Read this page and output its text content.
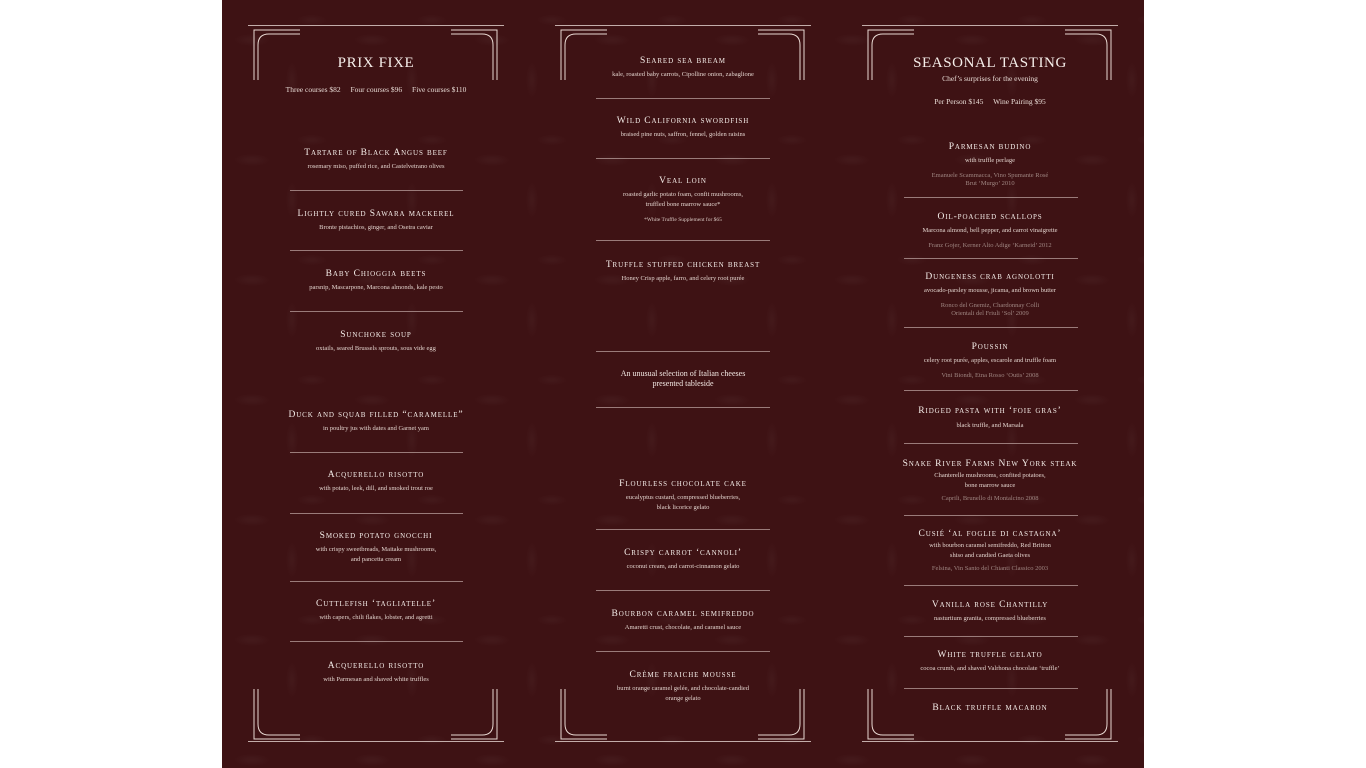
PRIX FIXE
Three courses $82 Four courses $96 Five courses $110
Tartare of Black Angus beef
rosemary miso, puffed rice, and Castelvetrano olives
Lightly cured Sawara mackerel
Bronte pistachios, ginger, and Osetra caviar
Baby Chioggia beets
parsnip, Mascarpone, Marcona almonds, kale pesto
Sunchoke soup
oxtails, seared Brussels sprouts, sous vide egg
Duck and squab filled “caramelle”
in poultry jus with dates and Garnet yam
Acquerello risotto
with potato, leek, dill, and smoked trout roe
Smoked potato gnocchi
with crispy sweetbreads, Maitake mushrooms,
and pancetta cream
Cuttlefish ‘tagliatelle’
with capers, chili flakes, lobster, and agretti
Acquerello risotto
with Parmesan and shaved white truffles
Seared sea bream
kale, roasted baby carrots, Cipolline onion, zabaglione
Wild California swordfish
braised pine nuts, saffron, fennel, golden raisins
Veal loin
roasted garlic potato foam, confit mushrooms,
truffled bone marrow sauce*
*White Truffle Supplement for $65
Truffle stuffed chicken breast
Honey Crisp apple, farro, and celery root purée
An unusual selection of Italian cheeses
presented tableside
Flourless chocolate cake
eucalyptus custard, compressed blueberries,
black licorice gelato
Crispy carrot ‘cannoli’
coconut cream, and carrot-cinnamon gelato
Bourbon caramel semifreddo
Amaretti crust, chocolate, and caramel sauce
Crème fraiche mousse
burnt orange caramel gelée, and chocolate-candied
orange gelato
SEASONAL TASTING
Chef’s surprises for the evening
Per Person $145 Wine Pairing $95
Parmesan budino
with truffle perlage
Emanuele Scammacca, Vino Spumante Rosé
Brut ‘Murgo’ 2010
Oil-poached scallops
Marcona almond, bell pepper, and carrot vinaigrette
Franz Gojer, Kerner Alto Adige ‘Karneid’ 2012
Dungeness crab agnolotti
avocado-parsley mousse, jicama, and brown butter
Ronco del Gnemiz, Chardonnay Colli
Orientali del Friuli ‘Sol’ 2009
Poussin
celery root purée, apples, escarole and truffle foam
Vini Biondi, Etna Rosso ‘Outis’ 2008
Ridged pasta with ‘foie gras’
black truffle, and Marsala
Snake River Farms New York steak
Chanterelle mushrooms, confited potatoes,
bone marrow sauce
Caprili, Brunello di Montalcino 2008
Cusié ‘al foglie di castagna’
with bourbon caramel semifreddo, Red Britton
shiso and candied Gaeta olives
Felsina, Vin Santo del Chianti Classico 2003
Vanilla rose Chantilly
nasturtium granita, compressed blueberries
White truffle gelato
cocoa crumb, and shaved Valrhona chocolate ‘truffle’
Black truffle macaron
